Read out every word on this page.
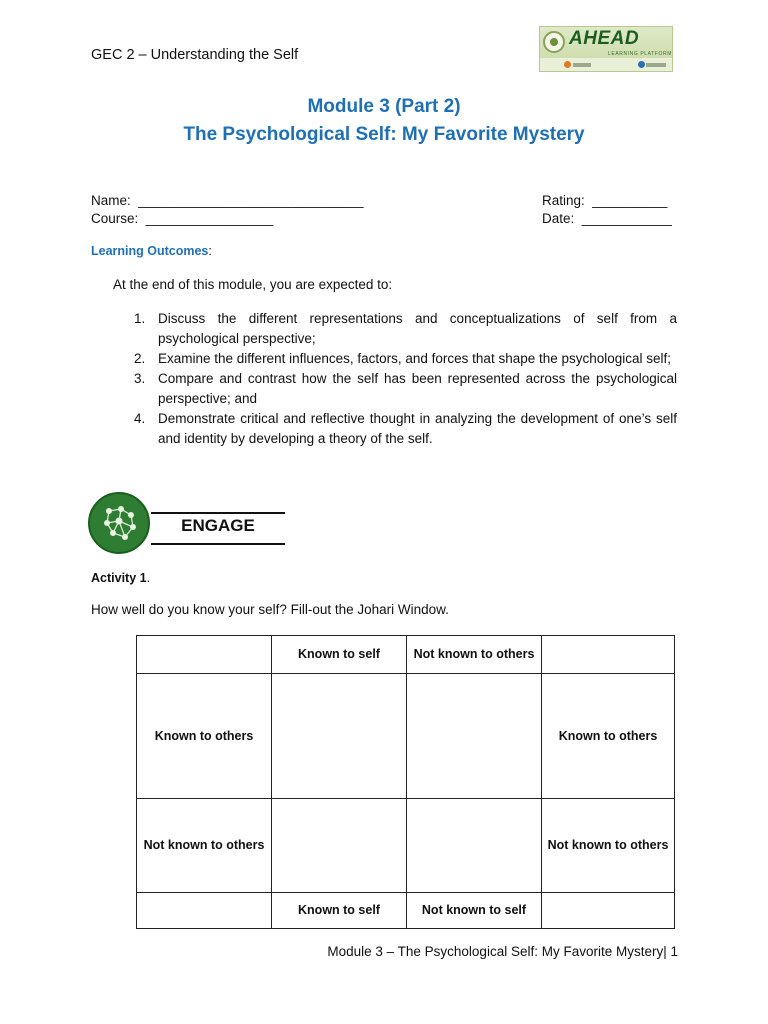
GEC 2 – Understanding the Self
AHEAD
LEARNING PLATFORM
Module 3 (Part 2)
The Psychological Self: My Favorite Mystery
Name:  ______________________________
Course:  _________________
Rating:  __________
Date:  ____________
Learning Outcomes:
At the end of this module, you are expected to:
1. Discuss the different representations and conceptualizations of self from a psychological perspective;
2. Examine the different influences, factors, and forces that shape the psychological self;
3. Compare and contrast how the self has been represented across the psychological perspective; and
4. Demonstrate critical and reflective thought in analyzing the development of one’s self and identity by developing a theory of the self.
ENGAGE
Activity 1.
How well do you know your self? Fill-out the Johari Window.
	Known to self	Not known to others	
Known to others			Known to others
Not known to others			Not known to others
	Known to self	Not known to self	
Module 3 – The Psychological Self: My Favorite Mystery| 1
